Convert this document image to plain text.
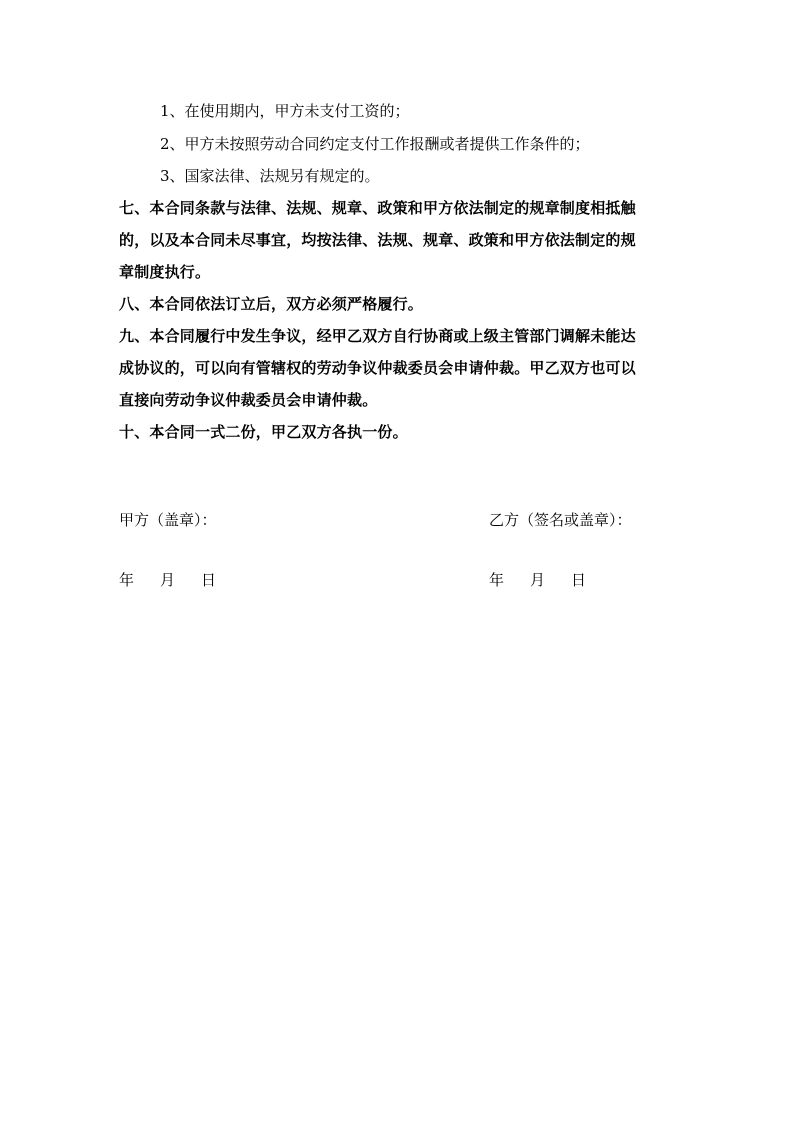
1、在使用期内，甲方未支付工资的；
2、甲方未按照劳动合同约定支付工作报酬或者提供工作条件的；
3、国家法律、法规另有规定的。
七、本合同条款与法律、法规、规章、政策和甲方依法制定的规章制度相抵触
的，以及本合同未尽事宜，均按法律、法规、规章、政策和甲方依法制定的规
章制度执行。
八、本合同依法订立后，双方必须严格履行。
九、本合同履行中发生争议，经甲乙双方自行协商或上级主管部门调解未能达
成协议的，可以向有管辖权的劳动争议仲裁委员会申请仲裁。甲乙双方也可以
直接向劳动争议仲裁委员会申请仲裁。
十、本合同一式二份，甲乙双方各执一份。
甲方（盖章）：	乙方（签名或盖章）：
年 月 日	年 月 日
